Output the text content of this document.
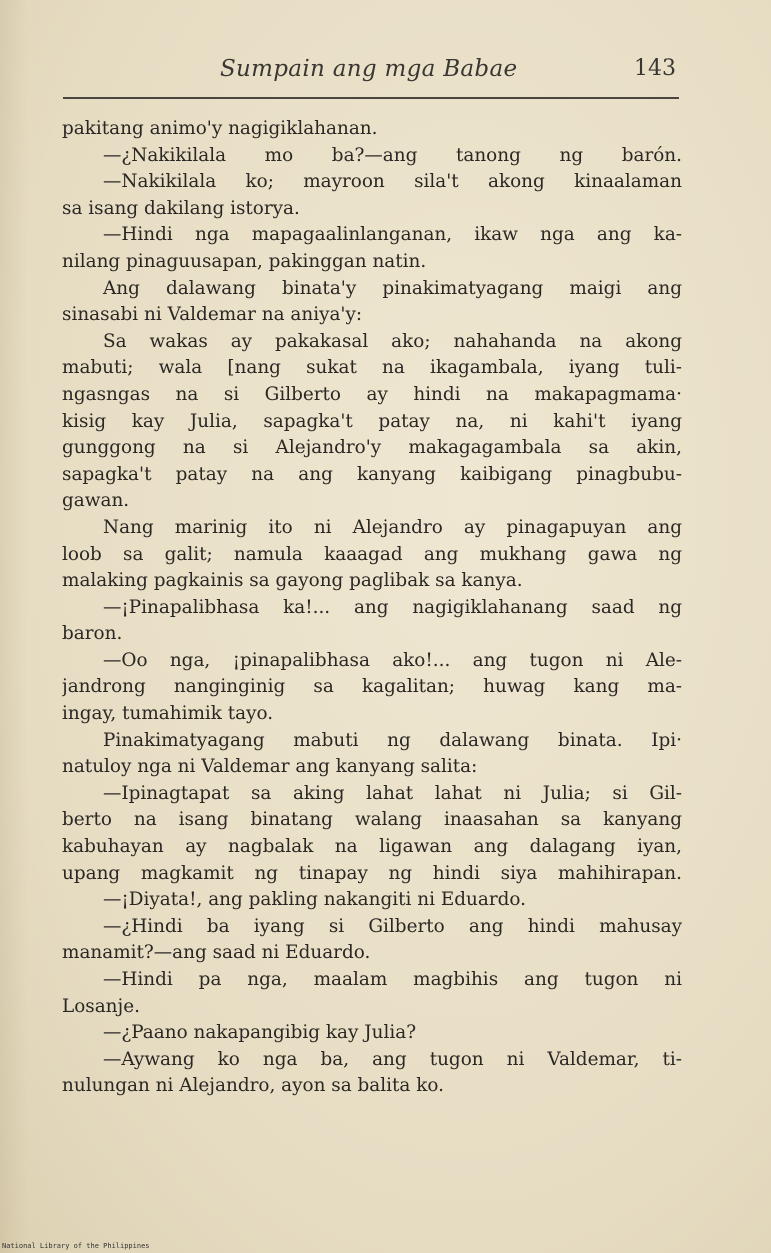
Sumpain ang mga Babae	143
pakitang animo'y nagigiklahanan.
—¿Nakikilala mo ba?—ang tanong ng barón.
—Nakikilala ko; mayroon sila't akong kinaalaman
sa isang dakilang istorya.
—Hindi nga mapagaalinlanganan, ikaw nga ang ka-
nilang pinaguusapan, pakinggan natin.
Ang dalawang binata'y pinakimatyagang maigi ang
sinasabi ni Valdemar na aniya'y:
Sa wakas ay pakakasal ako; nahahanda na akong
mabuti; wala [nang sukat na ikagambala, iyang tuli-
ngasngas na si Gilberto ay hindi na makapagmama·
kisig kay Julia, sapagka't patay na, ni kahi't iyang
gunggong na si Alejandro'y makagagambala sa akin,
sapagka't patay na ang kanyang kaibigang pinagbubu-
gawan.
Nang marinig ito ni Alejandro ay pinagapuyan ang
loob sa galit; namula kaaagad ang mukhang gawa ng
malaking pagkainis sa gayong paglibak sa kanya.
—¡Pinapalibhasa ka!... ang nagigiklahanang saad ng
baron.
—Oo nga, ¡pinapalibhasa ako!... ang tugon ni Ale-
jandrong nanginginig sa kagalitan; huwag kang ma-
ingay, tumahimik tayo.
Pinakimatyagang mabuti ng dalawang binata. Ipi·
natuloy nga ni Valdemar ang kanyang salita:
—Ipinagtapat sa aking lahat lahat ni Julia; si Gil-
berto na isang binatang walang inaasahan sa kanyang
kabuhayan ay nagbalak na ligawan ang dalagang iyan,
upang magkamit ng tinapay ng hindi siya mahihirapan.
—¡Diyata!, ang pakling nakangiti ni Eduardo.
—¿Hindi ba iyang si Gilberto ang hindi mahusay
manamit?—ang saad ni Eduardo.
—Hindi pa nga, maalam magbihis ang tugon ni
Losanje.
—¿Paano nakapangibig kay Julia?
—Aywang ko nga ba, ang tugon ni Valdemar, ti-
nulungan ni Alejandro, ayon sa balita ko.
National Library of the Philippines
